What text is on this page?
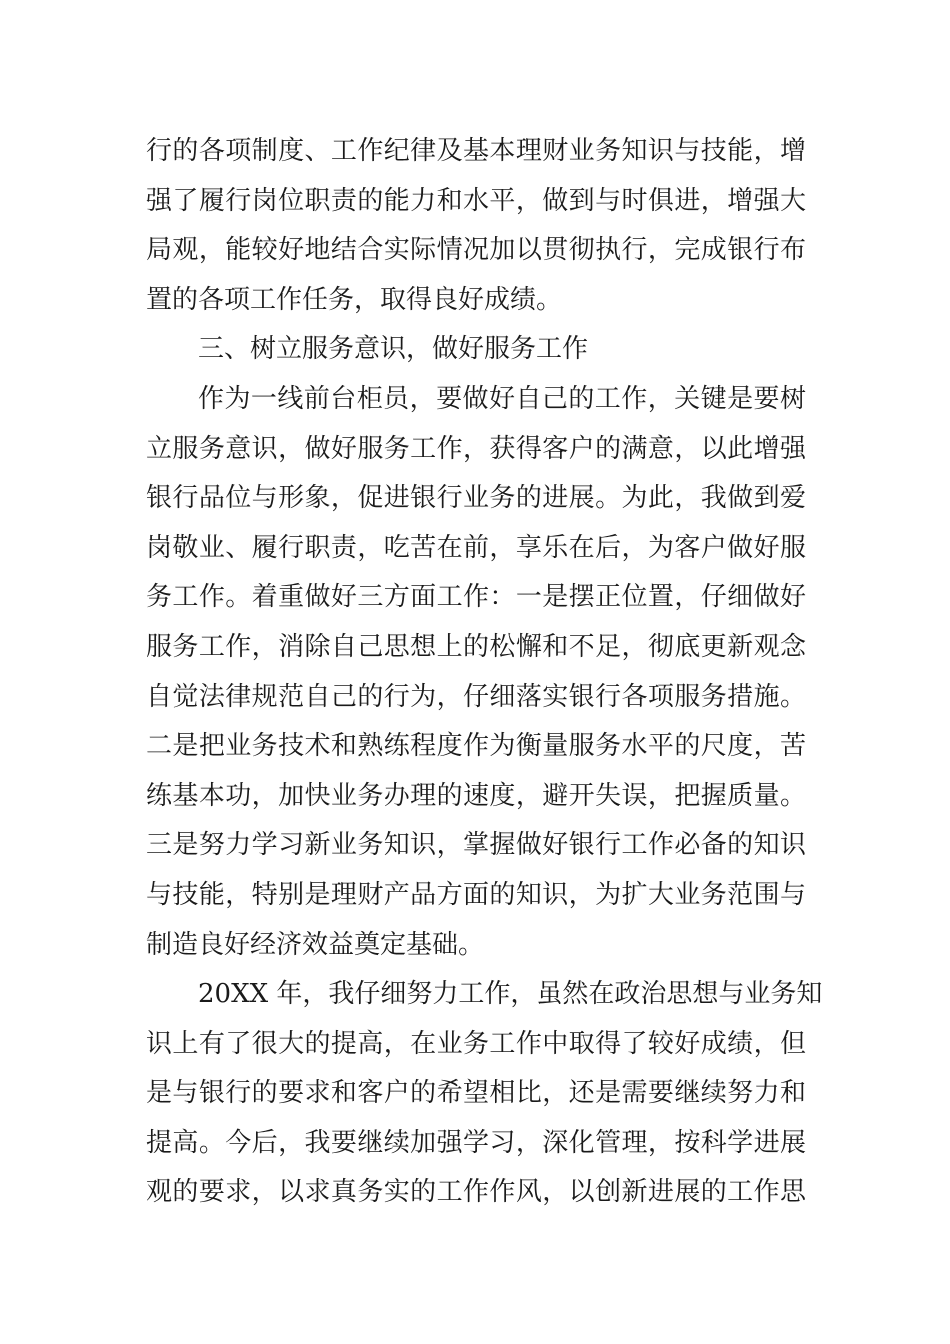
行的各项制度、工作纪律及基本理财业务知识与技能，增
强了履行岗位职责的能力和水平，做到与时俱进，增强大
局观，能较好地结合实际情况加以贯彻执行，完成银行布
置的各项工作任务，取得良好成绩。
三、树立服务意识，做好服务工作
作为一线前台柜员，要做好自己的工作，关键是要树
立服务意识，做好服务工作，获得客户的满意，以此增强
银行品位与形象，促进银行业务的进展。为此，我做到爱
岗敬业、履行职责，吃苦在前，享乐在后，为客户做好服
务工作。着重做好三方面工作：一是摆正位置，仔细做好
服务工作，消除自己思想上的松懈和不足，彻底更新观念
自觉法律规范自己的行为，仔细落实银行各项服务措施。
二是把业务技术和熟练程度作为衡量服务水平的尺度，苦
练基本功，加快业务办理的速度，避开失误，把握质量。
三是努力学习新业务知识，掌握做好银行工作必备的知识
与技能，特别是理财产品方面的知识，为扩大业务范围与
制造良好经济效益奠定基础。
20XX 年，我仔细努力工作，虽然在政治思想与业务知
识上有了很大的提高，在业务工作中取得了较好成绩，但
是与银行的要求和客户的希望相比，还是需要继续努力和
提高。今后，我要继续加强学习，深化管理，按科学进展
观的要求，以求真务实的工作作风，以创新进展的工作思
